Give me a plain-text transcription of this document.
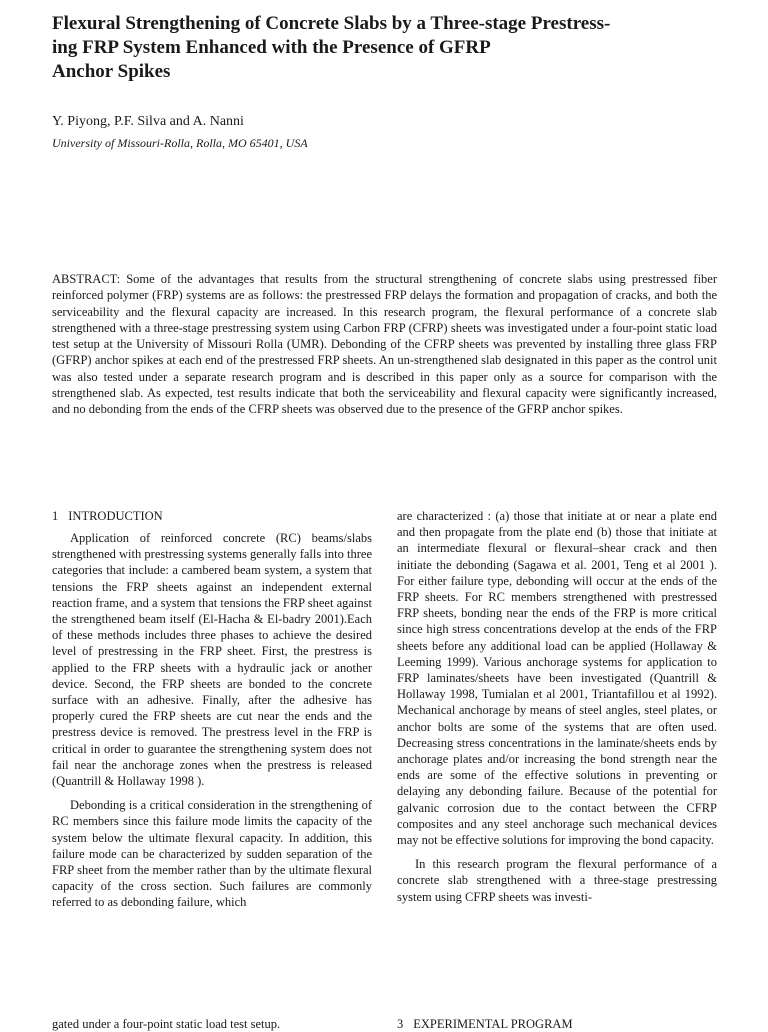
Flexural Strengthening of Concrete Slabs by a Three-stage Prestress-
ing FRP System Enhanced with the Presence of GFRP
Anchor Spikes
Y. Piyong, P.F. Silva and A. Nanni
University of Missouri-Rolla, Rolla, MO 65401, USA

ABSTRACT: Some of the advantages that results from the structural strengthening of concrete slabs using prestressed fiber reinforced polymer (FRP) systems are as follows: the prestressed FRP delays the formation and propagation of cracks, and both the serviceability and the flexural capacity are increased. In this research program, the flexural performance of a concrete slab strengthened with a three-stage prestressing system using Carbon FRP (CFRP) sheets was investigated under a four-point static load test setup at the University of Missouri Rolla (UMR). Debonding of the CFRP sheets was prevented by installing three glass FRP (GFRP) anchor spikes at each end of the prestressed FRP sheets. An un-strengthened slab designated in this paper as the control unit was also tested under a separate research program and is described in this paper only as a source for comparison with the strengthened slab. As expected, test results indicate that both the serviceability and flexural capacity were significantly increased, and no debonding from the ends of the CFRP sheets was observed due to the presence of the GFRP anchor spikes.

1 INTRODUCTION

Application of reinforced concrete (RC) beams/slabs strengthened with prestressing systems generally falls into three categories that include: a cambered beam system, a system that tensions the FRP sheets against an independent external reaction frame, and a system that tensions the FRP sheet against the strengthened beam itself (El-Hacha & El-badry 2001).Each of these methods includes three phases to achieve the desired level of prestressing in the FRP sheet. First, the prestress is applied to the FRP sheets with a hydraulic jack or another device. Second, the FRP sheets are bonded to the concrete surface with an adhesive. Finally, after the adhesive has properly cured the FRP sheets are cut near the ends and the prestress device is removed. The prestress level in the FRP is critical in order to guarantee the strengthening system does not fail near the anchorage zones when the prestress is released (Quantrill & Hollaway 1998 ).

Debonding is a critical consideration in the strengthening of RC members since this failure mode limits the capacity of the system below the ultimate flexural capacity. In addition, this failure mode can be characterized by sudden separation of the FRP sheet from the member rather than by the ultimate flexural capacity of the cross section. Such failures are commonly referred to as debonding failure, which

are characterized : (a) those that initiate at or near a plate end and then propagate from the plate end (b) those that initiate at an intermediate flexural or flexural–shear crack and then initiate the debonding (Sagawa et al. 2001, Teng et al 2001 ). For either failure type, debonding will occur at the ends of the FRP sheets. For RC members strengthened with prestressed FRP sheets, bonding near the ends of the FRP is more critical since high stress concentrations develop at the ends of the FRP sheets before any additional load can be applied (Hollaway & Leeming 1999). Various anchorage systems for application to FRP laminates/sheets have been investigated (Quantrill & Hollaway 1998, Tumialan et al 2001, Triantafillou et al 1992). Mechanical anchorage by means of steel angles, steel plates, or anchor bolts are some of the systems that are often used. Decreasing stress concentrations in the laminate/sheets ends by anchorage plates and/or increasing the bond strength near the ends are some of the effective solutions in preventing or delaying any debonding failure. Because of the potential for galvanic corrosion due to the contact between the CFRP composites and any steel anchorage such mechanical devices may not be effective solutions for improving the bond capacity.

In this research program the flexural performance of a concrete slab strengthened with a three-stage prestressing system using CFRP sheets was investi-

gated under a four-point static load test setup.	3 EXPERIMENTAL PROGRAM
